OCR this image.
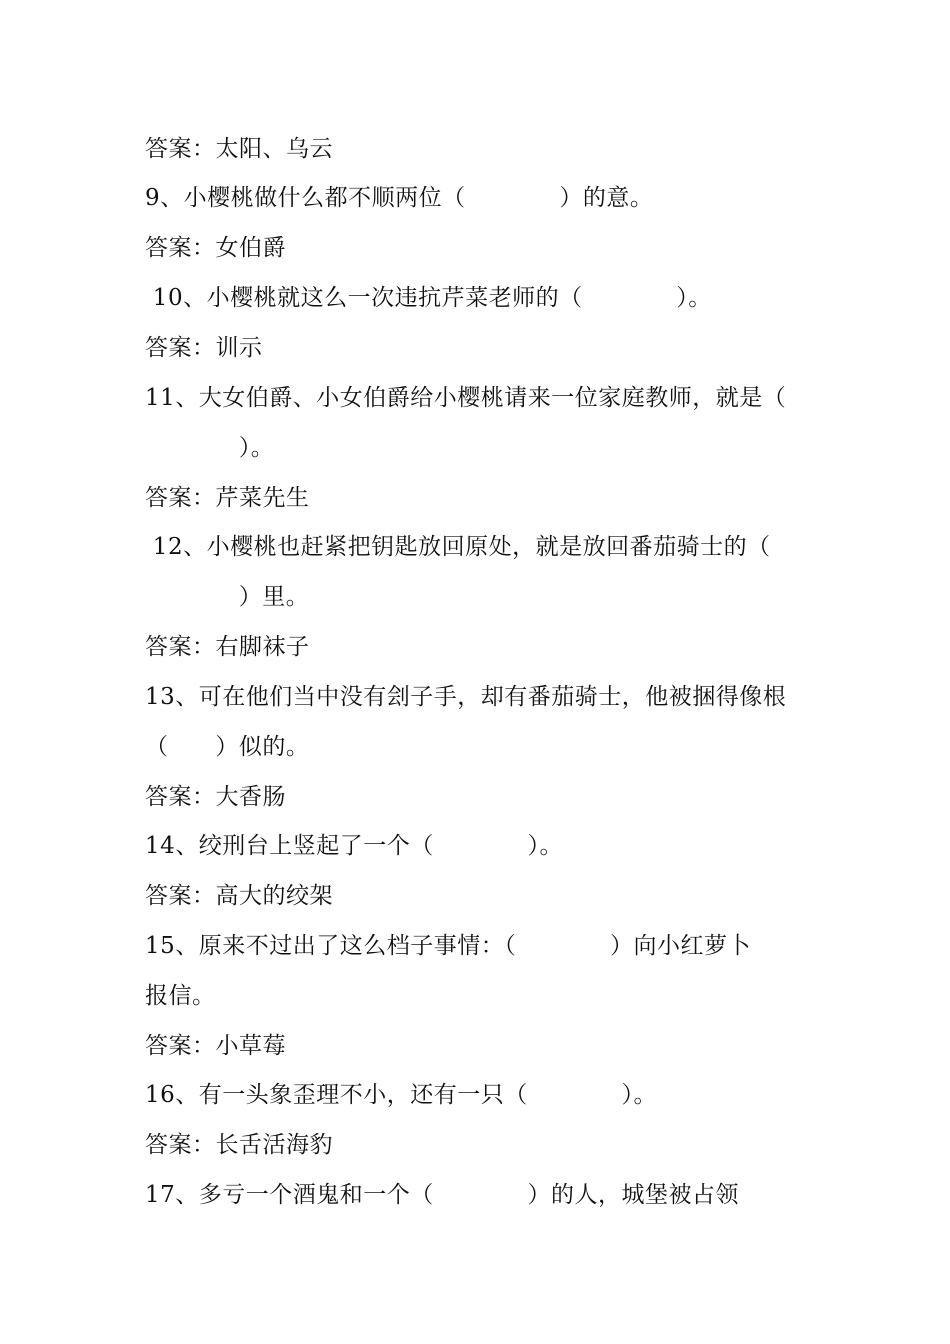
答案：太阳、乌云
9、小樱桃做什么都不顺两位（            ）的意。
答案：女伯爵
10、小樱桃就这么一次违抗芹菜老师的（            ）。
答案：训示
11、大女伯爵、小女伯爵给小樱桃请来一位家庭教师，就是（
）。
答案：芹菜先生
12、小樱桃也赶紧把钥匙放回原处，就是放回番茄骑士的（
）里。
答案：右脚袜子
13、可在他们当中没有刽子手，却有番茄骑士，他被捆得像根
（      ）似的。
答案：大香肠
14、绞刑台上竖起了一个（            ）。
答案：高大的绞架
15、原来不过出了这么档子事情：（            ）向小红萝卜
报信。
答案：小草莓
16、有一头象歪理不小，还有一只（            ）。
答案：长舌活海豹
17、多亏一个酒鬼和一个（            ）的人，城堡被占领
